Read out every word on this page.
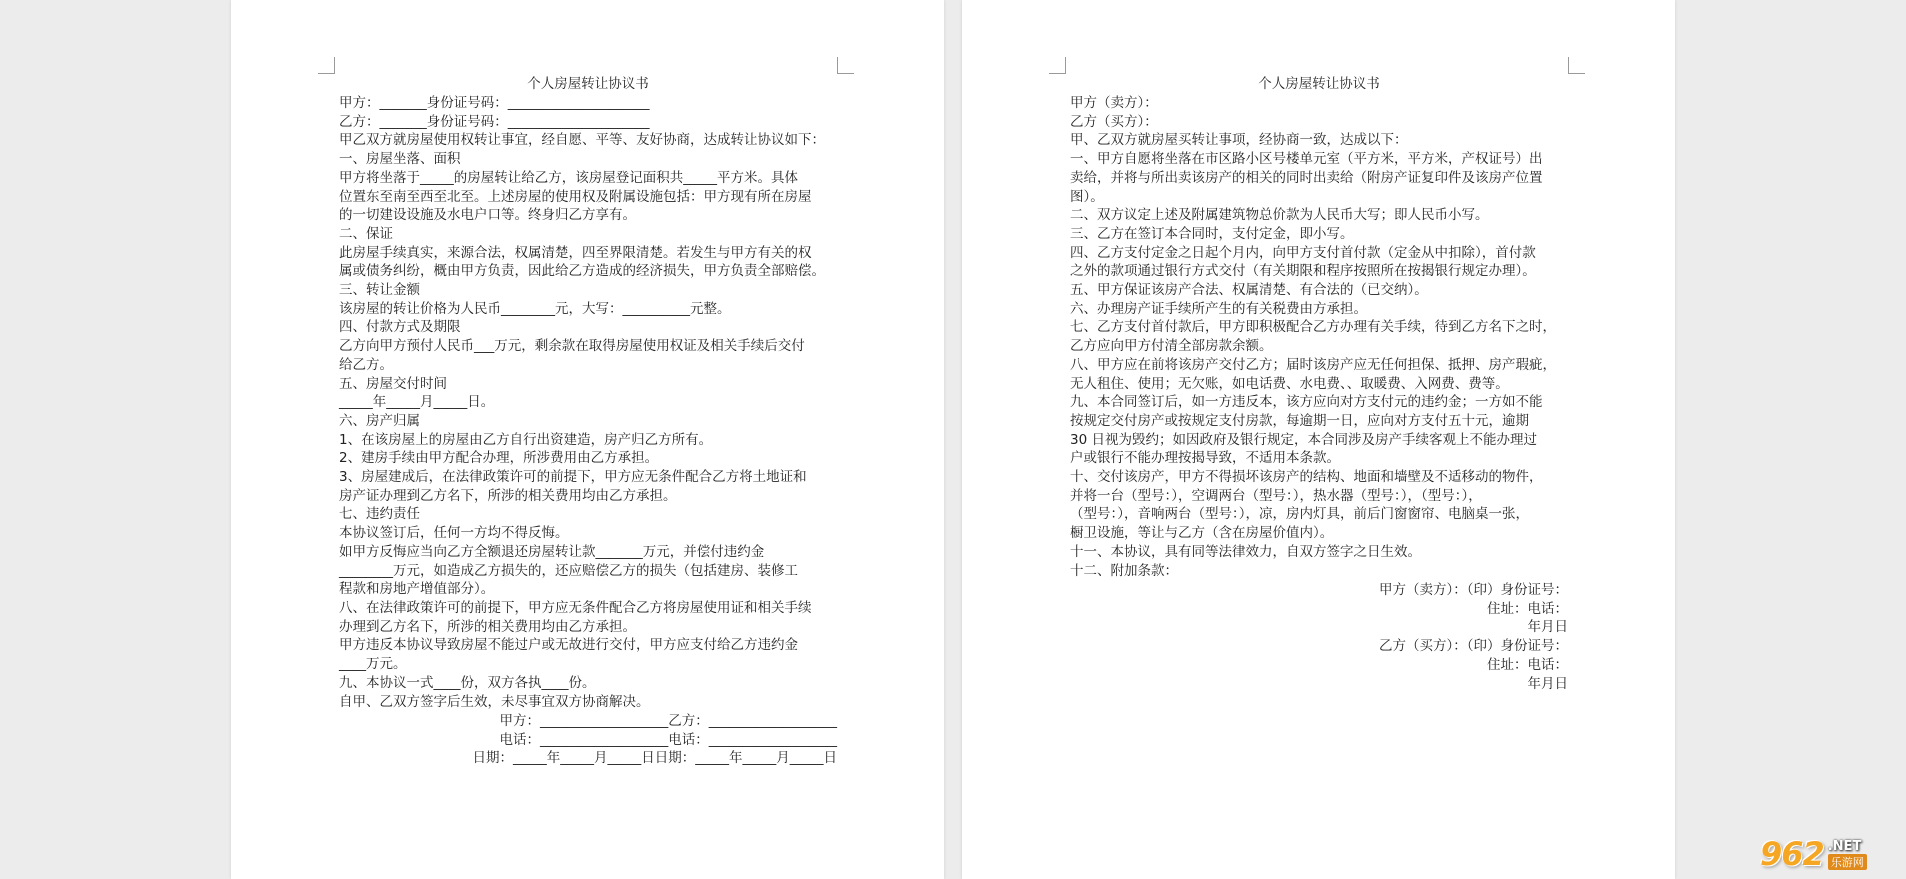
个人房屋转让协议书
甲方：_______身份证号码：_____________________
乙方：_______身份证号码：_____________________
甲乙双方就房屋使用权转让事宜，经自愿、平等、友好协商，达成转让协议如下：
一、房屋坐落、面积
甲方将坐落于_____的房屋转让给乙方，该房屋登记面积共_____平方米。具体
位置东至南至西至北至。上述房屋的使用权及附属设施包括：甲方现有所在房屋
的一切建设设施及水电户口等。终身归乙方享有。
二、保证
此房屋手续真实，来源合法，权属清楚，四至界限清楚。若发生与甲方有关的权
属或债务纠纷，概由甲方负责，因此给乙方造成的经济损失，甲方负责全部赔偿。
三、转让金额
该房屋的转让价格为人民币________元，大写：__________元整。
四、付款方式及期限
乙方向甲方预付人民币___万元，剩余款在取得房屋使用权证及相关手续后交付
给乙方。
五、房屋交付时间
_____年_____月_____日。
六、房产归属
1、在该房屋上的房屋由乙方自行出资建造，房产归乙方所有。
2、建房手续由甲方配合办理，所涉费用由乙方承担。
3、房屋建成后，在法律政策许可的前提下，甲方应无条件配合乙方将土地证和
房产证办理到乙方名下，所涉的相关费用均由乙方承担。
七、违约责任
本协议签订后，任何一方均不得反悔。
如甲方反悔应当向乙方全额退还房屋转让款_______万元，并偿付违约金
________万元，如造成乙方损失的，还应赔偿乙方的损失（包括建房、装修工
程款和房地产增值部分）。
八、在法律政策许可的前提下，甲方应无条件配合乙方将房屋使用证和相关手续
办理到乙方名下，所涉的相关费用均由乙方承担。
甲方违反本协议导致房屋不能过户或无故进行交付，甲方应支付给乙方违约金
____万元。
九、本协议一式____份，双方各执____份。
自甲、乙双方签字后生效，未尽事宜双方协商解决。
甲方：___________________乙方：___________________
电话：___________________电话：___________________
日期：_____年_____月_____日日期：_____年_____月_____日
个人房屋转让协议书
甲方（卖方）：
乙方（买方）：
甲、乙双方就房屋买转让事项，经协商一致，达成以下：
一、甲方自愿将坐落在市区路小区号楼单元室（平方米，平方米，产权证号）出
卖给，并将与所出卖该房产的相关的同时出卖给（附房产证复印件及该房产位置
图）。
二、双方议定上述及附属建筑物总价款为人民币大写；即人民币小写。
三、乙方在签订本合同时，支付定金，即小写。
四、乙方支付定金之日起个月内，向甲方支付首付款（定金从中扣除），首付款
之外的款项通过银行方式交付（有关期限和程序按照所在按揭银行规定办理）。
五、甲方保证该房产合法、权属清楚、有合法的（已交纳）。
六、办理房产证手续所产生的有关税费由方承担。
七、乙方支付首付款后，甲方即积极配合乙方办理有关手续，待到乙方名下之时，
乙方应向甲方付清全部房款余额。
八、甲方应在前将该房产交付乙方；届时该房产应无任何担保、抵押、房产瑕疵，
无人租住、使用；无欠账，如电话费、水电费、、取暖费、入网费、费等。
九、本合同签订后，如一方违反本，该方应向对方支付元的违约金；一方如不能
按规定交付房产或按规定支付房款，每逾期一日，应向对方支付五十元，逾期
30 日视为毁约；如因政府及银行规定，本合同涉及房产手续客观上不能办理过
户或银行不能办理按揭导致，不适用本条款。
十、交付该房产，甲方不得损坏该房产的结构、地面和墙壁及不适移动的物件，
并将一台（型号：），空调两台（型号：），热水器（型号：），（型号：），
（型号：），音响两台（型号：），凉，房内灯具，前后门窗窗帘、电脑桌一张，
橱卫设施，等让与乙方（含在房屋价值内）。
十一、本协议，具有同等法律效力，自双方签字之日生效。
十二、附加条款：
甲方（卖方）：（印）身份证号：
住址：电话：
年月日
乙方（买方）：（印）身份证号：
住址：电话：
年月日
962 .NET
乐游网
